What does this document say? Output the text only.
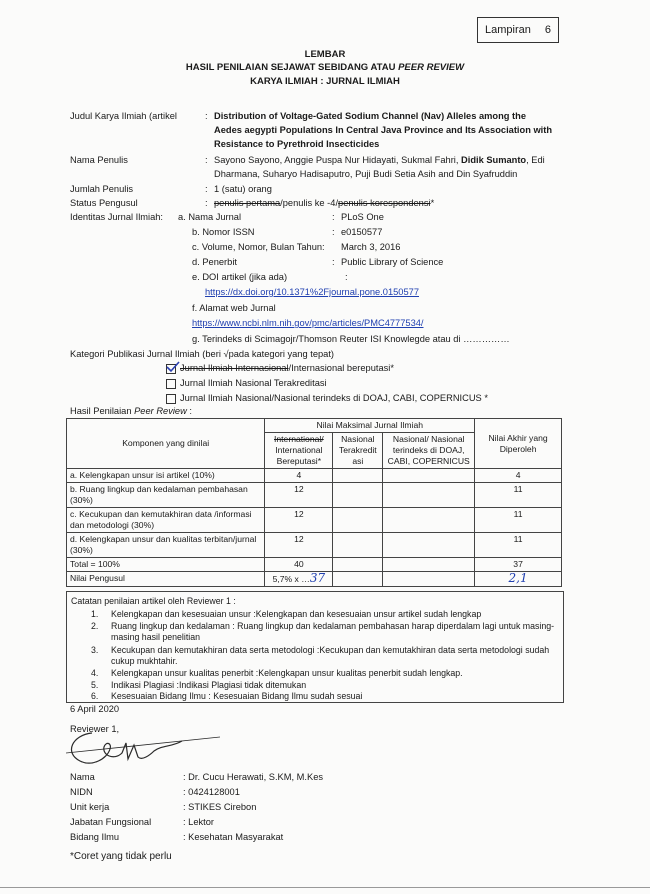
Lampiran 6
LEMBAR
HASIL PENILAIAN SEJAWAT SEBIDANG ATAU PEER REVIEW
KARYA ILMIAH : JURNAL ILMIAH
Judul Karya Ilmiah (artikel	: Distribution of Voltage-Gated Sodium Channel (Nav) Alleles among the
Aedes aegypti Populations In Central Java Province and Its Association with
Resistance to Pyrethroid Insecticides
Nama Penulis	: Sayono Sayono, Anggie Puspa Nur Hidayati, Sukmal Fahri, Didik Sumanto, Edi
Dharmana, Suharyo Hadisaputro, Puji Budi Setia Asih and Din Syafruddin
Jumlah Penulis	: 1 (satu) orang
Status Pengusul	: penulis pertama/penulis ke -4/penulis korespondensi*
Identitas Jurnal Ilmiah: a. Nama Jurnal	: PLoS One
b. Nomor ISSN	: e0150577
c. Volume, Nomor, Bulan Tahun: March 3, 2016
d. Penerbit	: Public Library of Science
e. DOI artikel (jika ada)	:
https://dx.doi.org/10.1371%2Fjournal.pone.0150577
f. Alamat web Jurnal
https://www.ncbi.nlm.nih.gov/pmc/articles/PMC4777534/
g. Terindeks di Scimagojr/Thomson Reuter ISI Knowlegde atau di ……………
Kategori Publikasi Jurnal Ilmiah (beri √pada kategori yang tepat)
Jurnal Ilmiah Internasional/Internasional bereputasi*
Jurnal Ilmiah Nasional Terakreditasi
Jurnal Ilmiah Nasional/Nasional terindeks di DOAJ, CABI, COPERNICUS *
Hasil Penilaian Peer Review :
Komponen yang dinilai	Nilai Maksimal Jurnal Ilmiah			Nilai Akhir yang Diperoleh
	International/
International Bereputasi*	Nasional Terakredit asi	Nasional/ Nasional terindeks di DOAJ, CABI, COPERNICUS	
a. Kelengkapan unsur isi artikel (10%)	4			4
b. Ruang lingkup dan kedalaman pembahasan (30%)	12			11
c. Kecukupan dan kemutakhiran data /informasi dan metodologi (30%)	12			11
d. Kelengkapan unsur dan kualitas terbitan/jurnal (30%)	12			11
Total = 100%	40			37
Nilai Pengusul	5,7% x …37			2,1
Catatan penilaian artikel oleh Reviewer 1 :
1. Kelengkapan dan kesesuaian unsur :Kelengkapan dan kesesuaian unsur artikel sudah lengkap
2. Ruang lingkup dan kedalaman : Ruang lingkup dan kedalaman pembahasan harap diperdalam lagi untuk masing-
masing hasil penelitian
3. Kecukupan dan kemutakhiran data serta metodologi :Kecukupan dan kemutakhiran data serta metodologi sudah
cukup mukhtahir.
4. Kelengkapan unsur kualitas penerbit :Kelengkapan unsur kualitas penerbit sudah lengkap.
5. Indikasi Plagiasi :Indikasi Plagiasi tidak ditemukan
6. Kesesuaian Bidang Ilmu : Kesesuaian Bidang Ilmu sudah sesuai
6 April 2020
Reviewer 1,
Nama	: Dr. Cucu Herawati, S.KM, M.Kes
NIDN	: 0424128001
Unit kerja	: STIKES Cirebon
Jabatan Fungsional	: Lektor
Bidang Ilmu	: Kesehatan Masyarakat
*Coret yang tidak perlu
